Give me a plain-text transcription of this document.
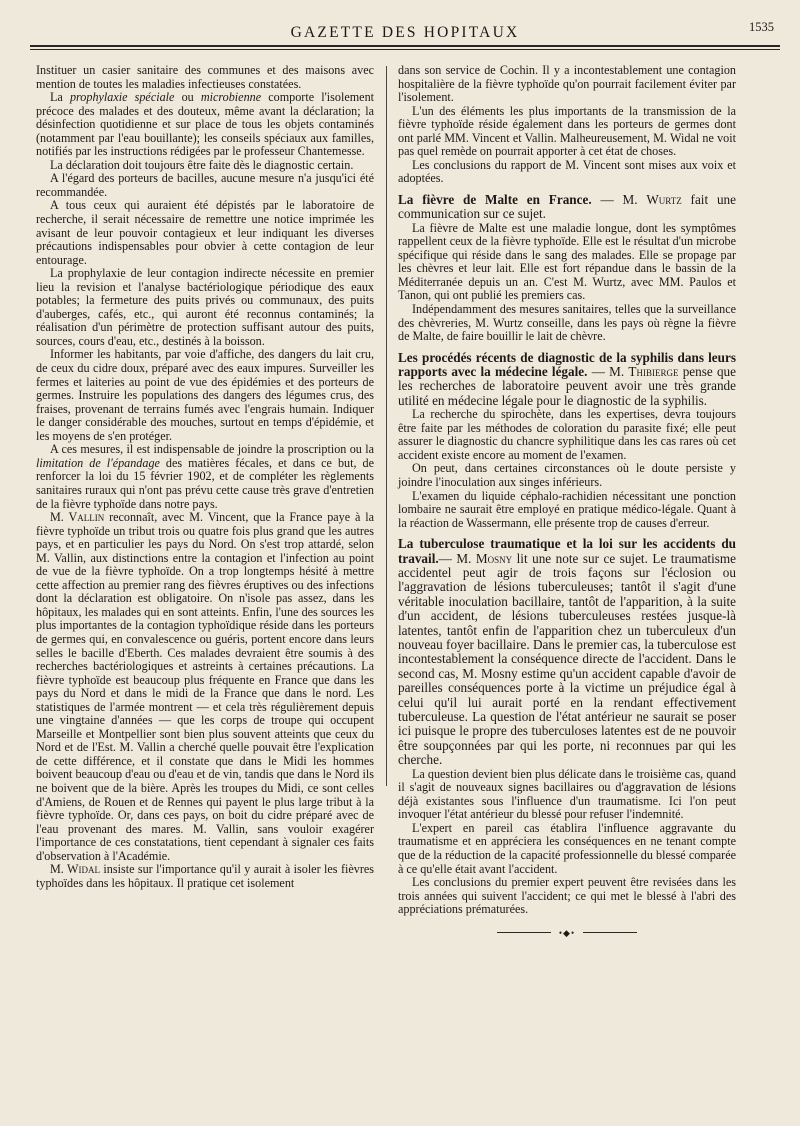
GAZETTE DES HOPITAUX	1535

Instituer un casier sanitaire des communes et des maisons avec mention de toutes les maladies infectieuses constatées.

La prophylaxie spéciale ou microbienne comporte l'isolement précoce des malades et des douteux, même avant la déclaration; la désinfection quotidienne et sur place de tous les objets contaminés (notamment par l'eau bouillante); les conseils spéciaux aux familles, notifiés par les instructions rédigées par le professeur Chantemesse.

La déclaration doit toujours être faite dès le diagnostic certain.

A l'égard des porteurs de bacilles, aucune mesure n'a jusqu'ici été recommandée.

A tous ceux qui auraient été dépistés par le laboratoire de recherche, il serait nécessaire de remettre une notice imprimée les avisant de leur pouvoir contagieux et leur indiquant les diverses précautions indispensables pour obvier à cette contagion de leur entourage.

La prophylaxie de leur contagion indirecte nécessite en premier lieu la revision et l'analyse bactériologique périodique des eaux potables; la fermeture des puits privés ou communaux, des puits d'auberges, cafés, etc., qui auront été reconnus contaminés; la réalisation d'un périmètre de protection suffisant autour des puits, sources, cours d'eau, etc., destinés à la boisson.

Informer les habitants, par voie d'affiche, des dangers du lait cru, de ceux du cidre doux, préparé avec des eaux impures. Surveiller les fermes et laiteries au point de vue des épidémies et des porteurs de germes. Instruire les populations des dangers des légumes crus, des fraises, provenant de terrains fumés avec l'engrais humain. Indiquer le danger considérable des mouches, surtout en temps d'épidémie, et les moyens de s'en protéger.

A ces mesures, il est indispensable de joindre la proscription ou la limitation de l'épandage des matières fécales, et dans ce but, de renforcer la loi du 15 février 1902, et de compléter les règlements sanitaires ruraux qui n'ont pas prévu cette cause très grave d'entretien de la fièvre typhoïde dans notre pays.

M. Vallin reconnaît, avec M. Vincent, que la France paye à la fièvre typhoïde un tribut trois ou quatre fois plus grand que les autres pays, et en particulier les pays du Nord. On s'est trop attardé, selon M. Vallin, aux distinctions entre la contagion et l'infection au point de vue de la fièvre typhoïde. On a trop longtemps hésité à mettre cette affection au premier rang des fièvres éruptives ou des infections dont la déclaration est obligatoire. On n'isole pas assez, dans les hôpitaux, les malades qui en sont atteints. Enfin, l'une des sources les plus importantes de la contagion typhoïdique réside dans les porteurs de germes qui, en convalescence ou guéris, portent encore dans leurs selles le bacille d'Eberth. Ces malades devraient être soumis à des recherches bactériologiques et astreints à certaines précautions. La fièvre typhoïde est beaucoup plus fréquente en France que dans les pays du Nord et dans le midi de la France que dans le nord. Les statistiques de l'armée montrent — et cela très régulièrement depuis une vingtaine d'années — que les corps de troupe qui occupent Marseille et Montpellier sont bien plus souvent atteints que ceux du Nord et de l'Est. M. Vallin a cherché quelle pouvait être l'explication de cette différence, et il constate que dans le Midi les hommes boivent beaucoup d'eau ou d'eau et de vin, tandis que dans le Nord ils ne boivent que de la bière. Après les troupes du Midi, ce sont celles d'Amiens, de Rouen et de Rennes qui payent le plus large tribut à la fièvre typhoïde. Or, dans ces pays, on boit du cidre préparé avec de l'eau provenant des mares. M. Vallin, sans vouloir exagérer l'importance de ces constatations, tient cependant à signaler ces faits d'observation à l'Académie.

M. Widal insiste sur l'importance qu'il y aurait à isoler les fièvres typhoïdes dans les hôpitaux. Il pratique cet isolement

dans son service de Cochin. Il y a incontestablement une contagion hospitalière de la fièvre typhoïde qu'on pourrait facilement éviter par l'isolement.

L'un des éléments les plus importants de la transmission de la fièvre typhoïde réside également dans les porteurs de germes dont ont parlé MM. Vincent et Vallin. Malheureusement, M. Widal ne voit pas quel remède on pourrait apporter à cet état de choses.

Les conclusions du rapport de M. Vincent sont mises aux voix et adoptées.

La fièvre de Malte en France. — M. Wurtz fait une communication sur ce sujet.

La fièvre de Malte est une maladie longue, dont les symptômes rappellent ceux de la fièvre typhoïde. Elle est le résultat d'un microbe spécifique qui réside dans le sang des malades. Elle se propage par les chèvres et leur lait. Elle est fort répandue dans le bassin de la Méditerranée depuis un an. C'est M. Wurtz, avec MM. Paulos et Tanon, qui ont publié les premiers cas.

Indépendamment des mesures sanitaires, telles que la surveillance des chèvreries, M. Wurtz conseille, dans les pays où règne la fièvre de Malte, de faire bouillir le lait de chèvre.

Les procédés récents de diagnostic de la syphilis dans leurs rapports avec la médecine légale. — M. Thibierge pense que les recherches de laboratoire peuvent avoir une très grande utilité en médecine légale pour le diagnostic de la syphilis.

La recherche du spirochète, dans les expertises, devra toujours être faite par les méthodes de coloration du parasite fixé; elle peut assurer le diagnostic du chancre syphilitique dans les cas rares où cet accident existe encore au moment de l'examen.

On peut, dans certaines circonstances où le doute persiste y joindre l'inoculation aux singes inférieurs.

L'examen du liquide céphalo-rachidien nécessitant une ponction lombaire ne saurait être employé en pratique médico-légale. Quant à la réaction de Wassermann, elle présente trop de causes d'erreur.

La tuberculose traumatique et la loi sur les accidents du travail.— M. Mosny lit une note sur ce sujet. Le traumatisme accidentel peut agir de trois façons sur l'éclosion ou l'aggravation de lésions tuberculeuses; tantôt il s'agit d'une véritable inoculation bacillaire, tantôt de l'apparition, à la suite d'un accident, de lésions tuberculeuses restées jusque-là latentes, tantôt enfin de l'apparition chez un tuberculeux d'un nouveau foyer bacillaire. Dans le premier cas, la tuberculose est incontestablement la conséquence directe de l'accident. Dans le second cas, M. Mosny estime qu'un accident capable d'avoir de pareilles conséquences porte à la victime un préjudice égal à celui qu'il lui aurait porté en la rendant effectivement tuberculeuse. La question de l'état antérieur ne saurait se poser ici puisque le propre des tuberculoses latentes est de ne pouvoir être soupçonnées par qui les porte, ni reconnues par qui les cherche.

La question devient bien plus délicate dans le troisième cas, quand il s'agit de nouveaux signes bacillaires ou d'aggravation de lésions déjà existantes sous l'influence d'un traumatisme. Ici l'on peut invoquer l'état antérieur du blessé pour refuser l'indemnité.

L'expert en pareil cas établira l'influence aggravante du traumatisme et en appréciera les conséquences en ne tenant compte que de la réduction de la capacité professionnelle du blessé comparée à ce qu'elle était avant l'accident.

Les conclusions du premier expert peuvent être revisées dans les trois années qui suivent l'accident; ce qui met le blessé à l'abri des appréciations prématurées.

•◆•
